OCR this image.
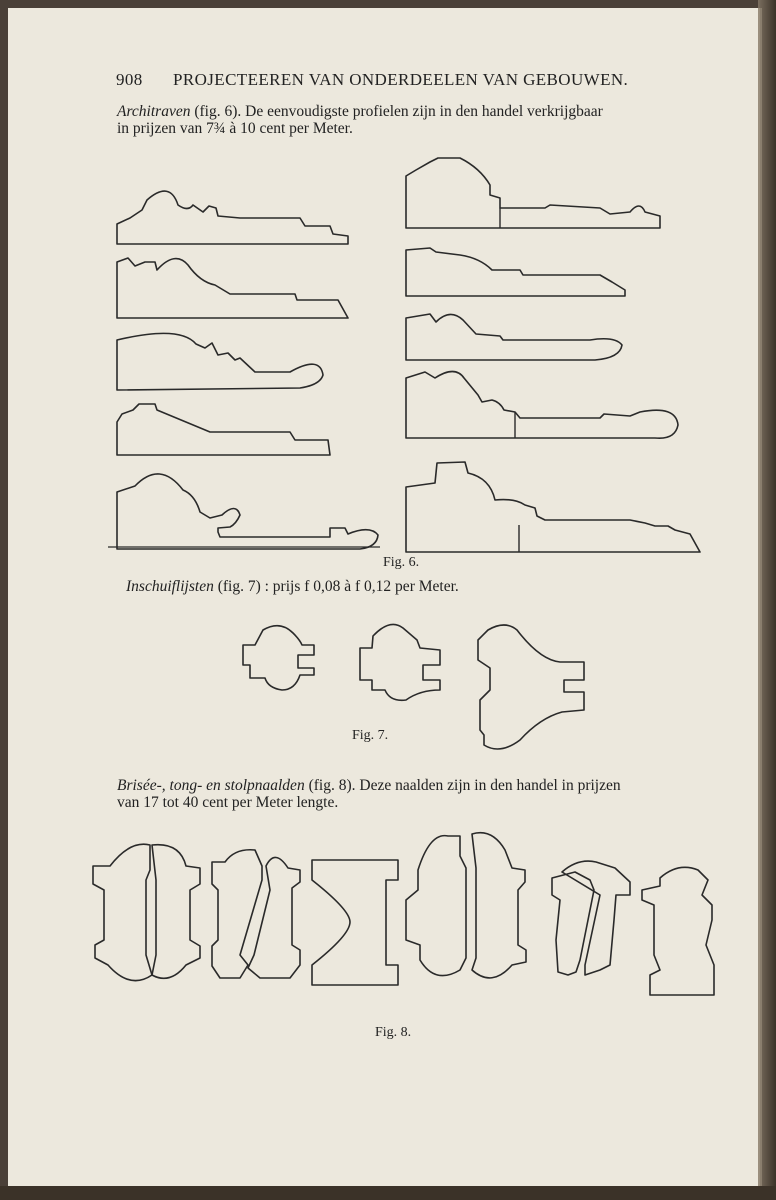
908 PROJECTEEREN VAN ONDERDEELEN VAN GEBOUWEN.
Architraven (fig. 6). De eenvoudigste profielen zijn in den handel verkrijgbaar
in prijzen van 7¾ à 10 cent per Meter.
Fig. 6.
Inschuiflijsten (fig. 7) : prijs f 0,08 à f 0,12 per Meter.
Fig. 7.
Brisée-, tong- en stolpnaalden (fig. 8). Deze naalden zijn in den handel in prijzen
van 17 tot 40 cent per Meter lengte.
Fig. 8.
